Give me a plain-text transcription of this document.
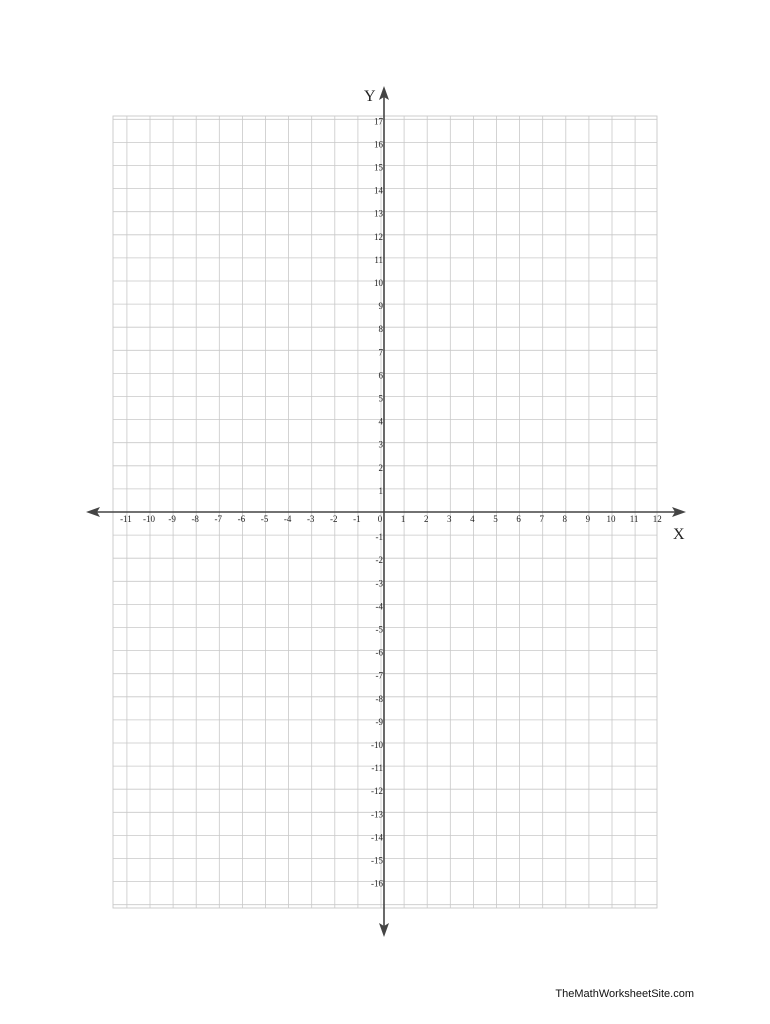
-11 -10 -9 -8 -7 -6 -5 -4 -3 -2 -1 0 1 2 3 4 5 6 7 8 9 10 11 12
17
16
15
14
13
12
11
10
9
8
7
6
5
4
3
2
1
-1
-2
-3
-4
-5
-6
-7
-8
-9
-10
-11
-12
-13
-14
-15
-16
X
Y
TheMathWorksheetSite.com
